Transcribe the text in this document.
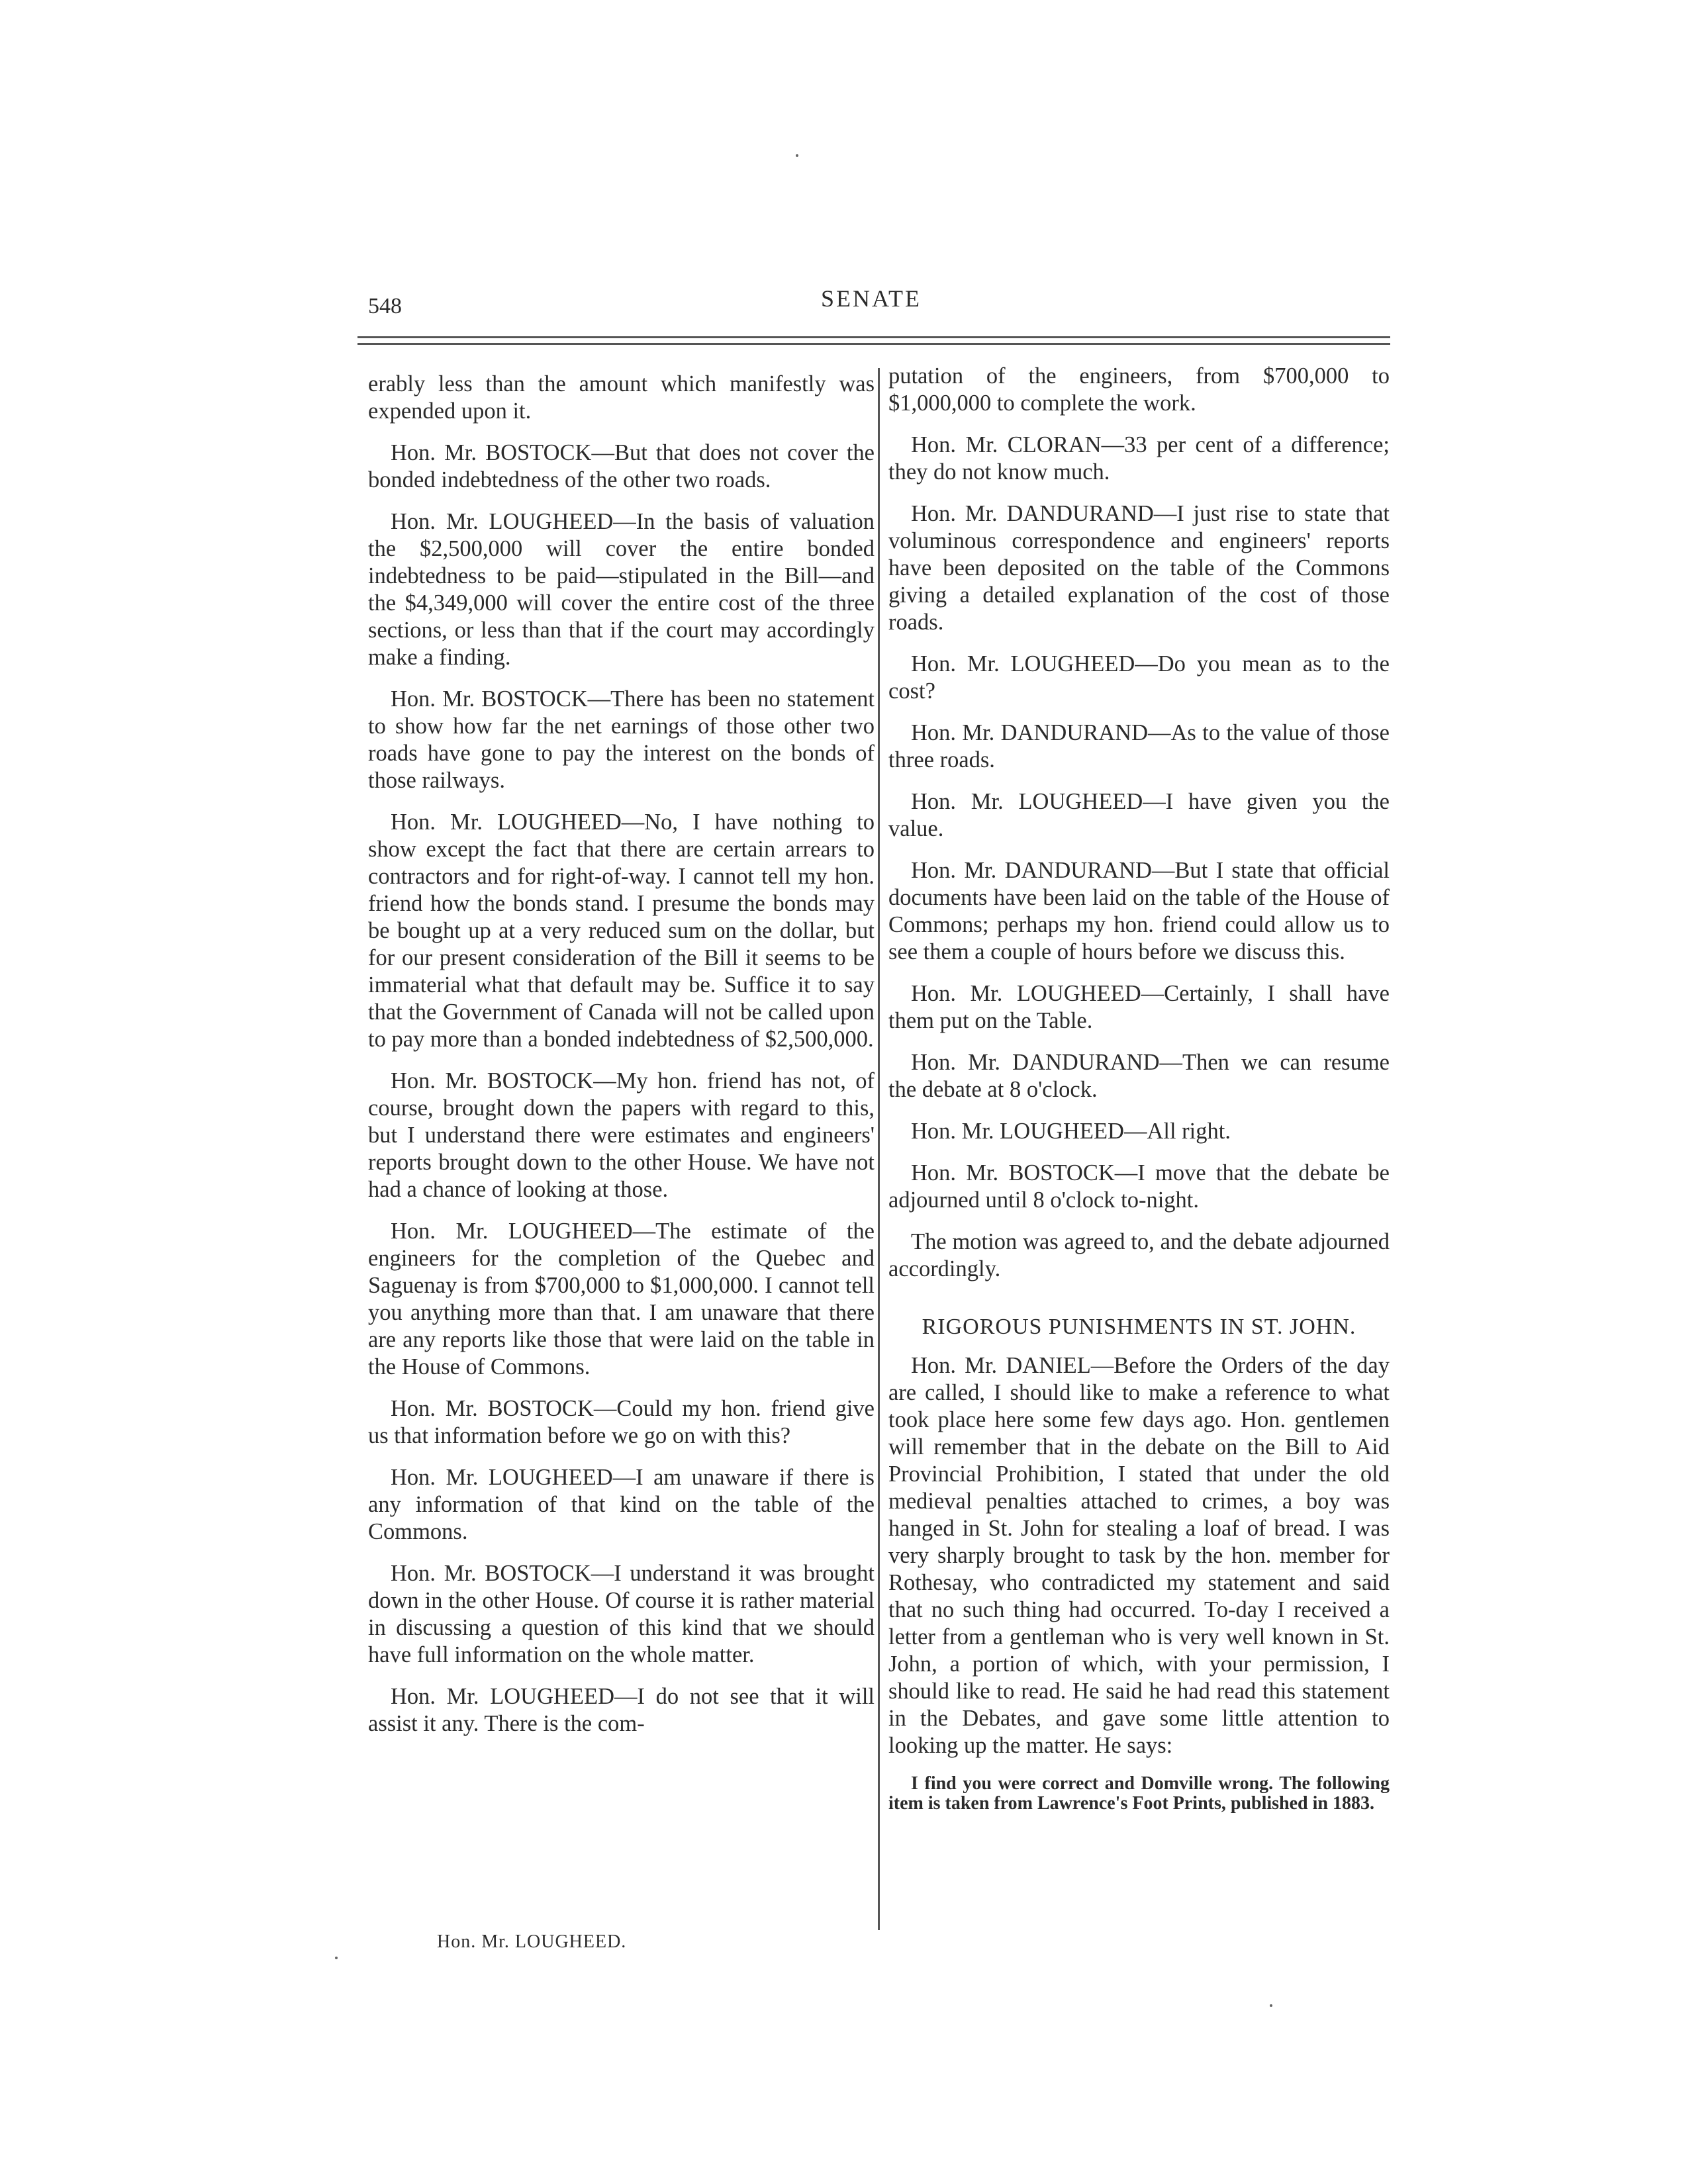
548	SENATE

erably less than the amount which manifestly was expended upon it.

Hon. Mr. BOSTOCK—But that does not cover the bonded indebtedness of the other two roads.

Hon. Mr. LOUGHEED—In the basis of valuation the $2,500,000 will cover the entire bonded indebtedness to be paid—stipulated in the Bill—and the $4,349,000 will cover the entire cost of the three sections, or less than that if the court may accordingly make a finding.

Hon. Mr. BOSTOCK—There has been no statement to show how far the net earnings of those other two roads have gone to pay the interest on the bonds of those railways.

Hon. Mr. LOUGHEED—No, I have nothing to show except the fact that there are certain arrears to contractors and for right-of-way. I cannot tell my hon. friend how the bonds stand. I presume the bonds may be bought up at a very reduced sum on the dollar, but for our present consideration of the Bill it seems to be immaterial what that default may be. Suffice it to say that the Government of Canada will not be called upon to pay more than a bonded indebtedness of $2,500,000.

Hon. Mr. BOSTOCK—My hon. friend has not, of course, brought down the papers with regard to this, but I understand there were estimates and engineers' reports brought down to the other House. We have not had a chance of looking at those.

Hon. Mr. LOUGHEED—The estimate of the engineers for the completion of the Quebec and Saguenay is from $700,000 to $1,000,000. I cannot tell you anything more than that. I am unaware that there are any reports like those that were laid on the table in the House of Commons.

Hon. Mr. BOSTOCK—Could my hon. friend give us that information before we go on with this?

Hon. Mr. LOUGHEED—I am unaware if there is any information of that kind on the table of the Commons.

Hon. Mr. BOSTOCK—I understand it was brought down in the other House. Of course it is rather material in discussing a question of this kind that we should have full information on the whole matter.

Hon. Mr. LOUGHEED—I do not see that it will assist it any. There is the com-

putation of the engineers, from $700,000 to $1,000,000 to complete the work.

Hon. Mr. CLORAN—33 per cent of a difference; they do not know much.

Hon. Mr. DANDURAND—I just rise to state that voluminous correspondence and engineers' reports have been deposited on the table of the Commons giving a detailed explanation of the cost of those roads.

Hon. Mr. LOUGHEED—Do you mean as to the cost?

Hon. Mr. DANDURAND—As to the value of those three roads.

Hon. Mr. LOUGHEED—I have given you the value.

Hon. Mr. DANDURAND—But I state that official documents have been laid on the table of the House of Commons; perhaps my hon. friend could allow us to see them a couple of hours before we discuss this.

Hon. Mr. LOUGHEED—Certainly, I shall have them put on the Table.

Hon. Mr. DANDURAND—Then we can resume the debate at 8 o'clock.

Hon. Mr. LOUGHEED—All right.

Hon. Mr. BOSTOCK—I move that the debate be adjourned until 8 o'clock to-night.

The motion was agreed to, and the debate adjourned accordingly.

RIGOROUS PUNISHMENTS IN ST. JOHN.

Hon. Mr. DANIEL—Before the Orders of the day are called, I should like to make a reference to what took place here some few days ago. Hon. gentlemen will remember that in the debate on the Bill to Aid Provincial Prohibition, I stated that under the old medieval penalties attached to crimes, a boy was hanged in St. John for stealing a loaf of bread. I was very sharply brought to task by the hon. member for Rothesay, who contradicted my statement and said that no such thing had occurred. To-day I received a letter from a gentleman who is very well known in St. John, a portion of which, with your permission, I should like to read. He said he had read this statement in the Debates, and gave some little attention to looking up the matter. He says:

I find you were correct and Domville wrong. The following item is taken from Lawrence's Foot Prints, published in 1883.

Hon. Mr. LOUGHEED.
